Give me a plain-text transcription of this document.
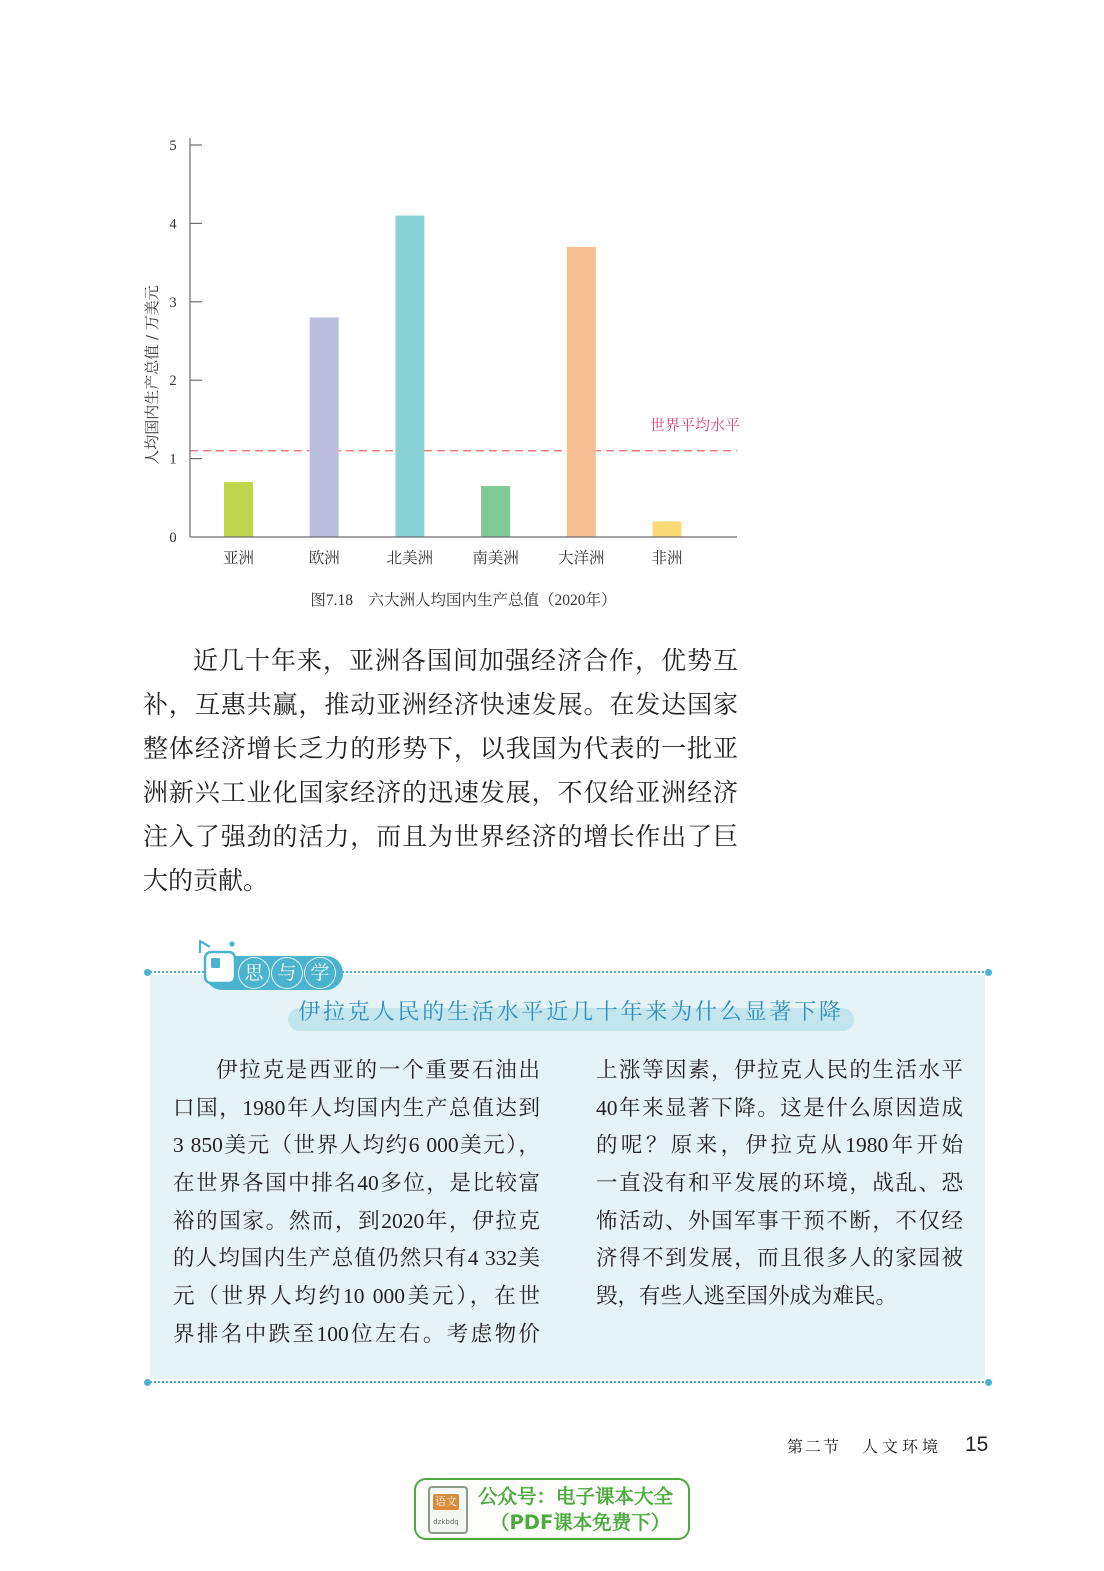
世界平均水平
0
1
2
3
4
5
人均国内生产总值 / 万美元
亚洲	欧洲	北美洲	南美洲	大洋洲	非洲
图7.18　六大洲人均国内生产总值（2020年）
近几十年来，亚洲各国间加强经济合作，优势互
补，互惠共赢，推动亚洲经济快速发展。在发达国家
整体经济增长乏力的形势下，以我国为代表的一批亚
洲新兴工业化国家经济的迅速发展，不仅给亚洲经济
注入了强劲的活力，而且为世界经济的增长作出了巨
大的贡献。
思 与 学
伊拉克人民的生活水平近几十年来为什么显著下降
伊拉克是西亚的一个重要石油出
口国，1980年人均国内生产总值达到
3 850美元（世界人均约6 000美元），
在世界各国中排名40多位，是比较富
裕的国家。然而，到2020年，伊拉克
的人均国内生产总值仍然只有4 332美
元（世界人均约10 000美元），在世
界排名中跌至100位左右。考虑物价
上涨等因素，伊拉克人民的生活水平
40年来显著下降。这是什么原因造成
的呢？原来，伊拉克从1980年开始
一直没有和平发展的环境，战乱、恐
怖活动、外国军事干预不断，不仅经
济得不到发展，而且很多人的家园被
毁，有些人逃至国外成为难民。
第二节 人文环境 15
语文
dzkbdq
公众号：电子课本大全
（PDF课本免费下）
